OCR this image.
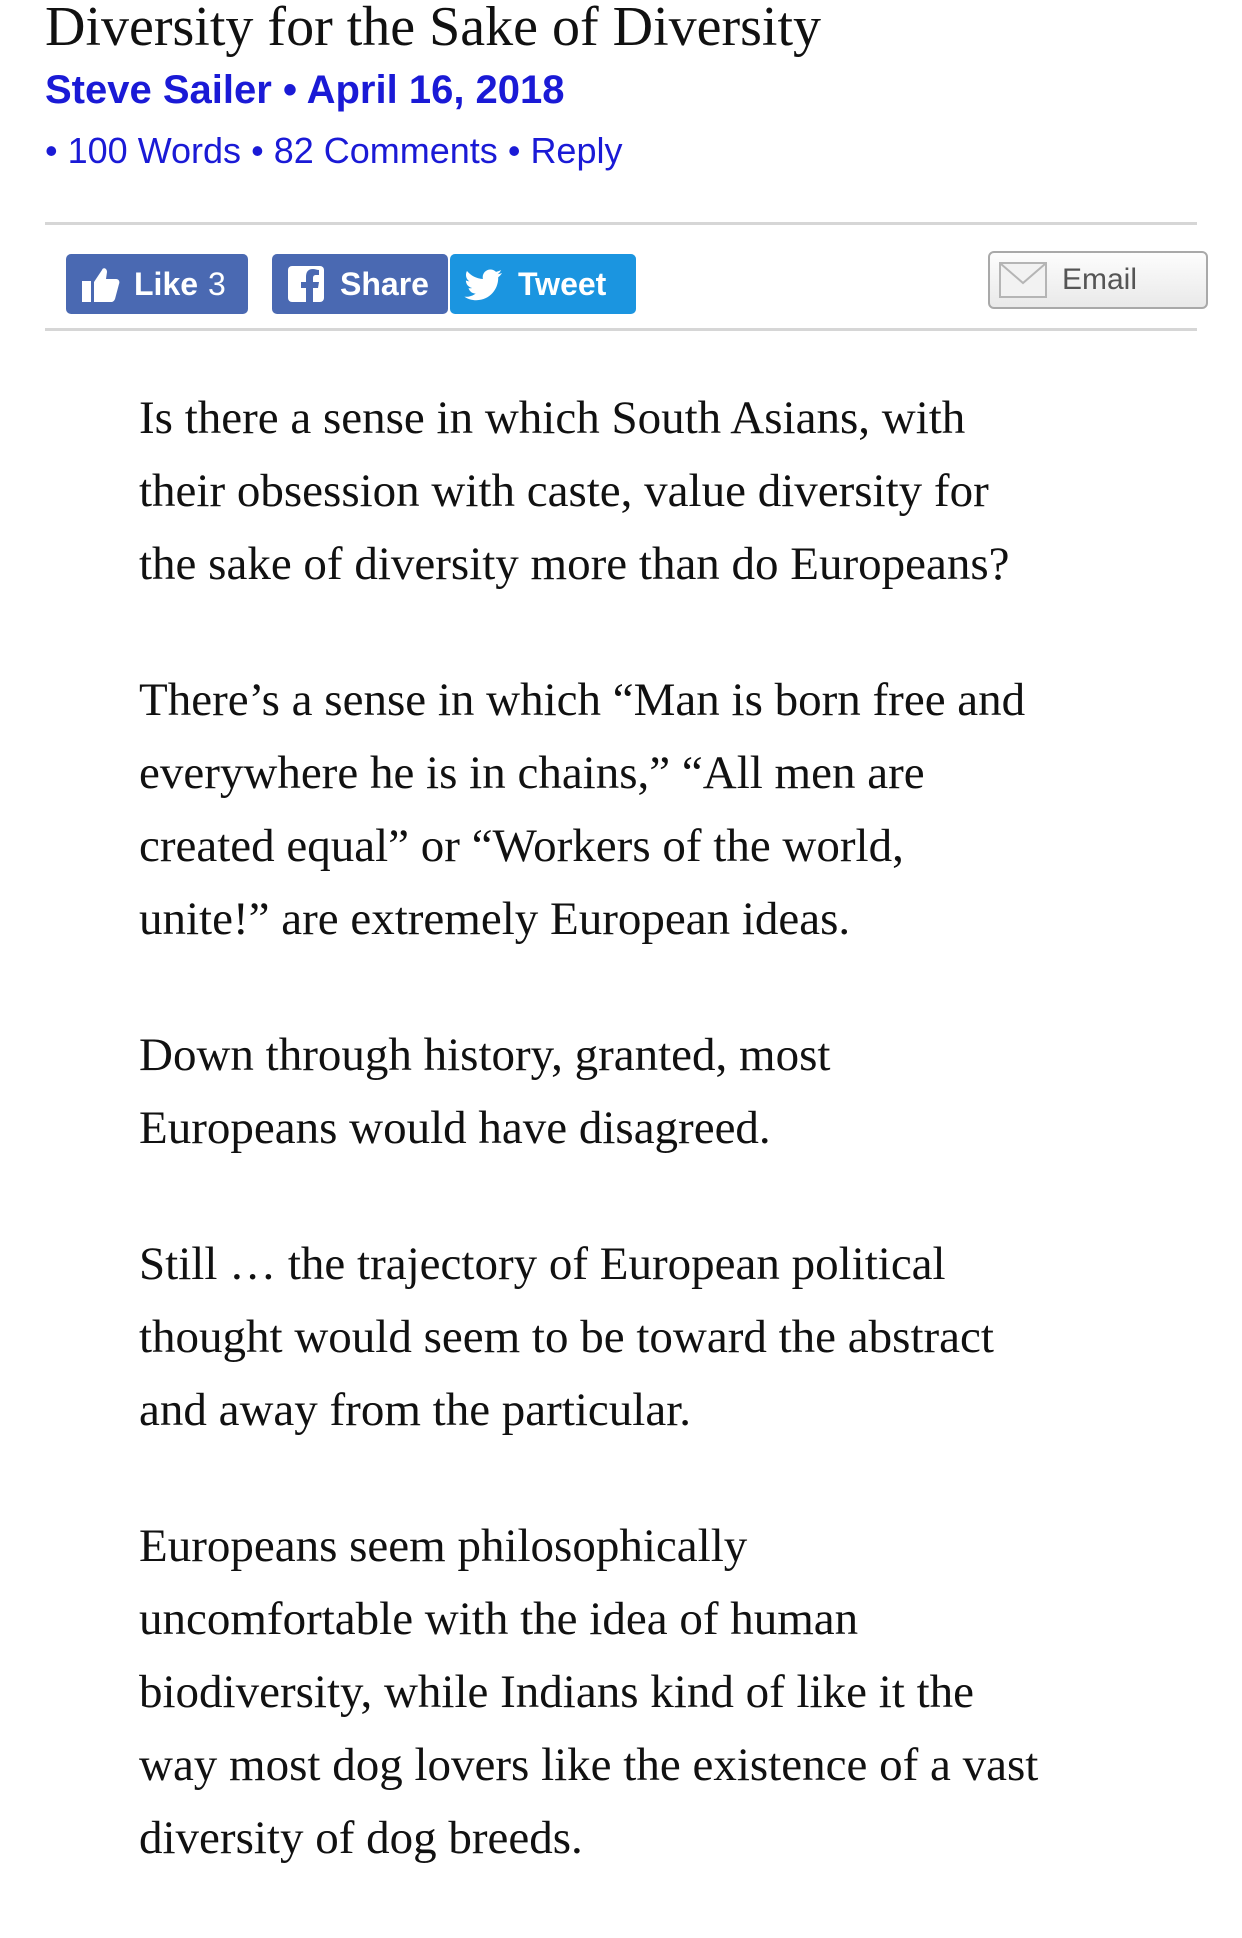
Diversity for the Sake of Diversity
Steve Sailer • April 16, 2018
• 100 Words • 82 Comments • Reply
Like 3	Share	Tweet	Email

Is there a sense in which South Asians, with
their obsession with caste, value diversity for
the sake of diversity more than do Europeans?

There’s a sense in which “Man is born free and
everywhere he is in chains,” “All men are
created equal” or “Workers of the world,
unite!” are extremely European ideas.

Down through history, granted, most
Europeans would have disagreed.

Still … the trajectory of European political
thought would seem to be toward the abstract
and away from the particular.

Europeans seem philosophically
uncomfortable with the idea of human
biodiversity, while Indians kind of like it the
way most dog lovers like the existence of a vast
diversity of dog breeds.
